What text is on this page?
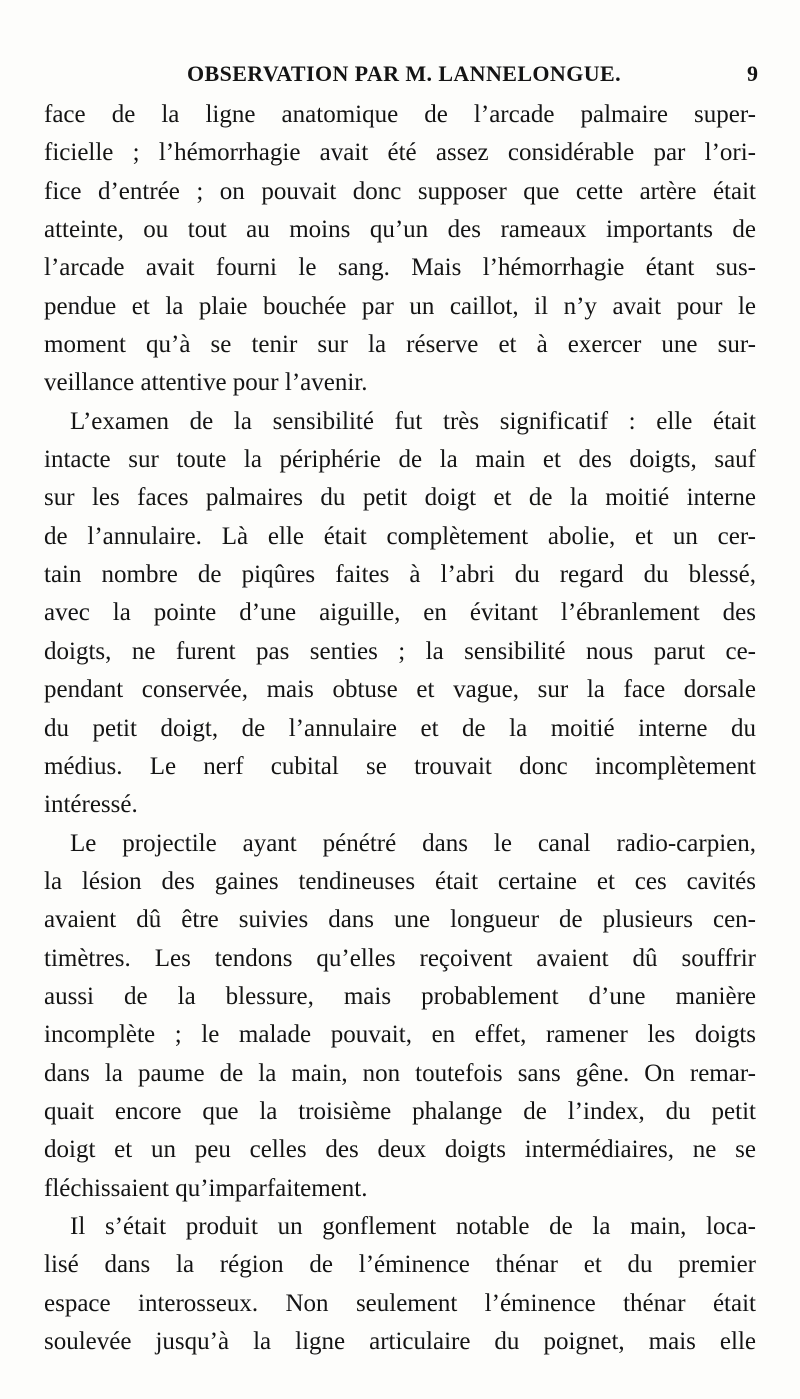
OBSERVATION PAR M. LANNELONGUE.	9
face de la ligne anatomique de l’arcade palmaire super-
ficielle ; l’hémorrhagie avait été assez considérable par l’ori-
fice d’entrée ; on pouvait donc supposer que cette artère était
atteinte, ou tout au moins qu’un des rameaux importants de
l’arcade avait fourni le sang. Mais l’hémorrhagie étant sus-
pendue et la plaie bouchée par un caillot, il n’y avait pour le
moment qu’à se tenir sur la réserve et à exercer une sur-
veillance attentive pour l’avenir.
L’examen de la sensibilité fut très significatif : elle était
intacte sur toute la périphérie de la main et des doigts, sauf
sur les faces palmaires du petit doigt et de la moitié interne
de l’annulaire. Là elle était complètement abolie, et un cer-
tain nombre de piqûres faites à l’abri du regard du blessé,
avec la pointe d’une aiguille, en évitant l’ébranlement des
doigts, ne furent pas senties ; la sensibilité nous parut ce-
pendant conservée, mais obtuse et vague, sur la face dorsale
du petit doigt, de l’annulaire et de la moitié interne du
médius. Le nerf cubital se trouvait donc incomplètement
intéressé.
Le projectile ayant pénétré dans le canal radio-carpien,
la lésion des gaines tendineuses était certaine et ces cavités
avaient dû être suivies dans une longueur de plusieurs cen-
timètres. Les tendons qu’elles reçoivent avaient dû souffrir
aussi de la blessure, mais probablement d’une manière
incomplète ; le malade pouvait, en effet, ramener les doigts
dans la paume de la main, non toutefois sans gêne. On remar-
quait encore que la troisième phalange de l’index, du petit
doigt et un peu celles des deux doigts intermédiaires, ne se
fléchissaient qu’imparfaitement.
Il s’était produit un gonflement notable de la main, loca-
lisé dans la région de l’éminence thénar et du premier
espace interosseux. Non seulement l’éminence thénar était
soulevée jusqu’à la ligne articulaire du poignet, mais elle
